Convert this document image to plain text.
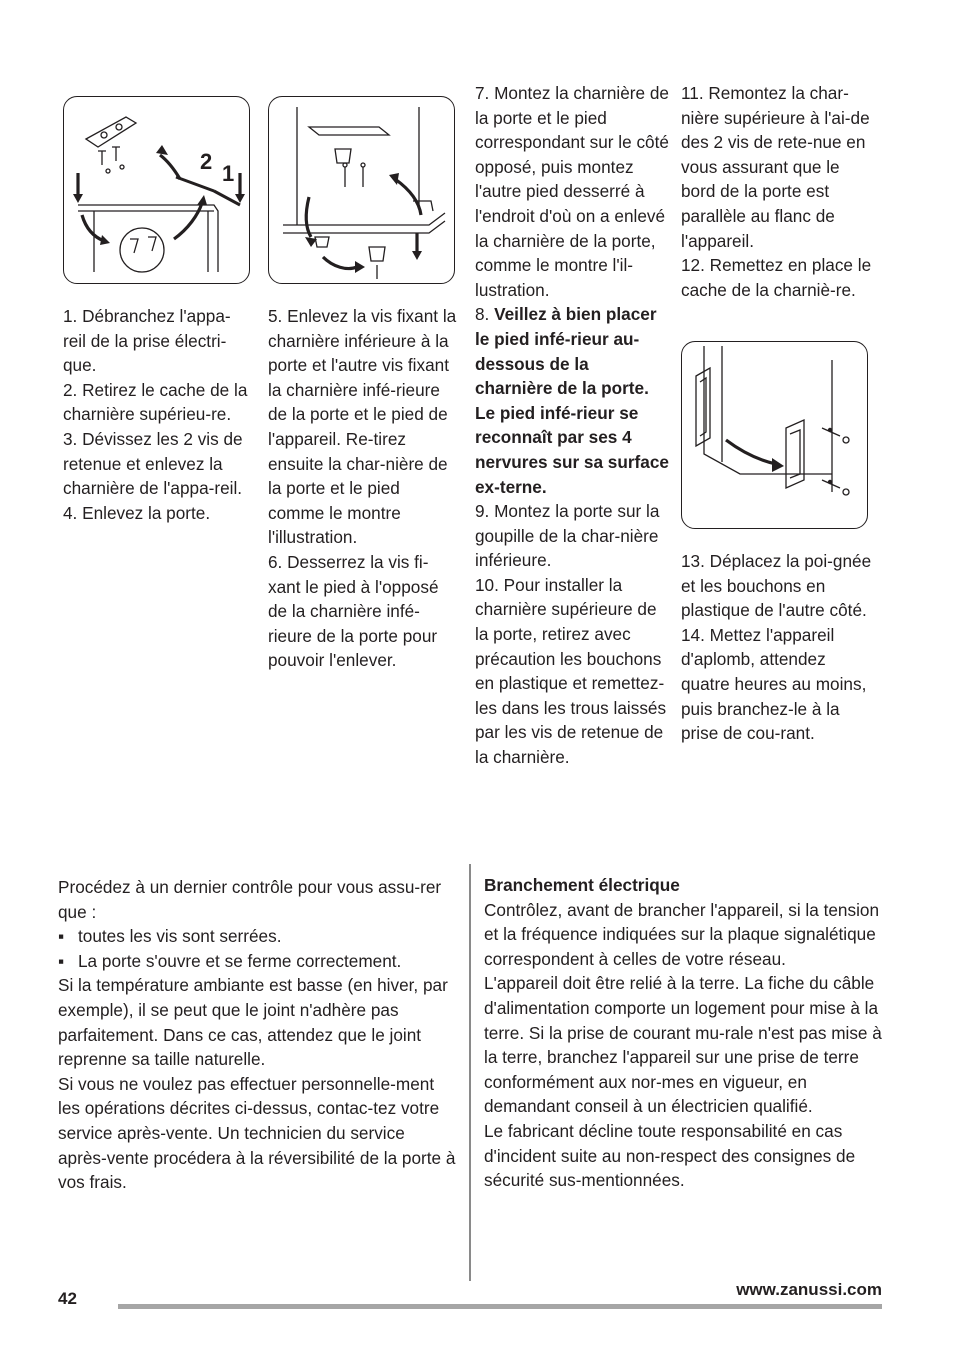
2 1

1. Débranchez l'appa-reil de la prise électri-que.

2. Retirez le cache de la charnière supérieu-re.

3. Dévissez les 2 vis de retenue et enlevez la charnière de l'appa-reil.

4. Enlevez la porte.

5. Enlevez la vis fixant la charnière inférieure à la porte et l'autre vis fixant la charnière infé-rieure de la porte et le pied de l'appareil. Re-tirez ensuite la char-nière de la porte et le pied comme le montre l'illustration.

6. Desserrez la vis fi-xant le pied à l'opposé de la charnière infé-rieure de la porte pour pouvoir l'enlever.

7. Montez la charnière de la porte et le pied correspondant sur le côté opposé, puis montez l'autre pied desserré à l'endroit d'où on a enlevé la charnière de la porte, comme le montre l'il-lustration.

8. Veillez à bien placer le pied infé-rieur au-dessous de la charnière de la porte. Le pied infé-rieur se reconnaît par ses 4 nervures sur sa surface ex-terne.

9. Montez la porte sur la goupille de la char-nière inférieure.

10. Pour installer la charnière supérieure de la porte, retirez avec précaution les bouchons en plastique et remettez-les dans les trous laissés par les vis de retenue de la charnière.

11. Remontez la char-nière supérieure à l'ai-de des 2 vis de rete-nue en vous assurant que le bord de la porte est parallèle au flanc de l'appareil.

12. Remettez en place le cache de la charniè-re.

13. Déplacez la poi-gnée et les bouchons en plastique de l'autre côté.

14. Mettez l'appareil d'aplomb, attendez quatre heures au moins, puis branchez-le à la prise de cou-rant.

Procédez à un dernier contrôle pour vous assu-rer que :

▪ toutes les vis sont serrées.

▪ La porte s'ouvre et se ferme correctement.

Si la température ambiante est basse (en hiver, par exemple), il se peut que le joint n'adhère pas parfaitement. Dans ce cas, attendez que le joint reprenne sa taille naturelle.

Si vous ne voulez pas effectuer personnelle-ment les opérations décrites ci-dessus, contac-tez votre service après-vente. Un technicien du service après-vente procédera à la réversibilité de la porte à vos frais.

Branchement électrique

Contrôlez, avant de brancher l'appareil, si la tension et la fréquence indiquées sur la plaque signalétique correspondent à celles de votre réseau.

L'appareil doit être relié à la terre. La fiche du câble d'alimentation comporte un logement pour mise à la terre. Si la prise de courant mu-rale n'est pas mise à la terre, branchez l'appareil sur une prise de terre conformément aux nor-mes en vigueur, en demandant conseil à un électricien qualifié.

Le fabricant décline toute responsabilité en cas d'incident suite au non-respect des consignes de sécurité sus-mentionnées.

42	www.zanussi.com
